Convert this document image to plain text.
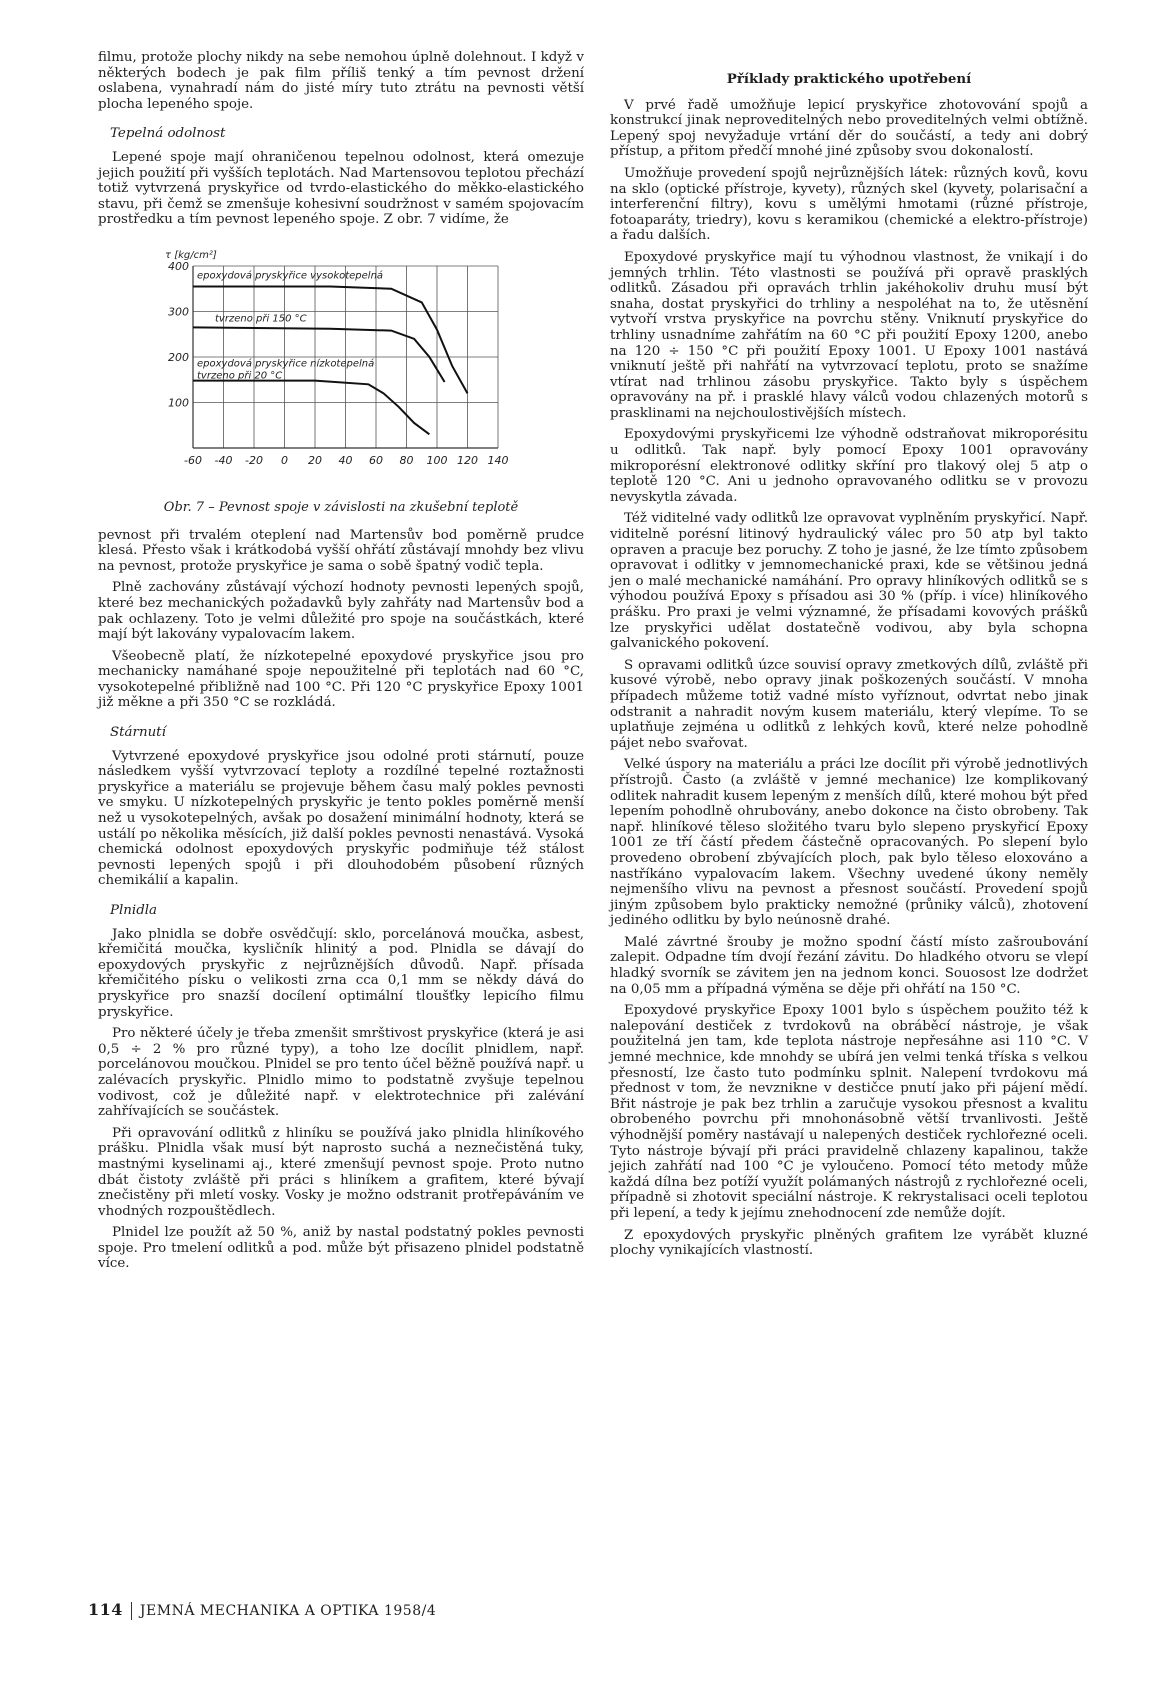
filmu, protože plochy nikdy na sebe nemohou úplně dolehnout. I když v některých bodech je pak film příliš tenký a tím pevnost držení oslabena, vynahradí nám do jisté míry tuto ztrátu na pevnosti větší plocha lepeného spoje.

Tepelná odolnost

Lepené spoje mají ohraničenou tepelnou odolnost, která omezuje jejich použití při vyšších teplotách. Nad Martensovou teplotou přechází totiž vytvrzená pryskyřice od tvrdo-elastického do měkko-elastického stavu, při čemž se zmenšuje kohesivní soudržnost v samém spojovacím prostředku a tím pevnost lepeného spoje. Z obr. 7 vidíme, že

-60 -40 -20 0 20 40 60 80 100 120 140
100
200
300
400
τ [kg/cm²]
epoxydová pryskyřice vysokotepelná
tvrzeno při 150 °C
epoxydová pryskyřice nízkotepelná
tvrzeno při 20 °C
Obr. 7 – Pevnost spoje v závislosti na zkušební teplotě

pevnost při trvalém oteplení nad Martensův bod poměrně prudce klesá. Přesto však i krátkodobá vyšší ohřátí zůstávají mnohdy bez vlivu na pevnost, protože pryskyřice je sama o sobě špatný vodič tepla.

Plně zachovány zůstávají výchozí hodnoty pevnosti lepených spojů, které bez mechanických požadavků byly zahřáty nad Martensův bod a pak ochlazeny. Toto je velmi důležité pro spoje na součástkách, které mají být lakovány vypalovacím lakem.

Všeobecně platí, že nízkotepelné epoxydové pryskyřice jsou pro mechanicky namáhané spoje nepoužitelné při teplotách nad 60 °C, vysokotepelné přibližně nad 100 °C. Při 120 °C pryskyřice Epoxy 1001 již měkne a při 350 °C se rozkládá.

Stárnutí

Vytvrzené epoxydové pryskyřice jsou odolné proti stárnutí, pouze následkem vyšší vytvrzovací teploty a rozdílné tepelné roztažnosti pryskyřice a materiálu se projevuje během času malý pokles pevnosti ve smyku. U nízkotepelných pryskyřic je tento pokles poměrně menší než u vysokotepelných, avšak po dosažení minimální hodnoty, která se ustálí po několika měsících, již další pokles pevnosti nenastává. Vysoká chemická odolnost epoxydových pryskyřic podmiňuje též stálost pevnosti lepených spojů i při dlouhodobém působení různých chemikálií a kapalin.

Plnidla

Jako plnidla se dobře osvědčují: sklo, porcelánová moučka, asbest, křemičitá moučka, kysličník hlinitý a pod. Plnidla se dávají do epoxydových pryskyřic z nejrůznějších důvodů. Např. přísada křemičitého písku o velikosti zrna cca 0,1 mm se někdy dává do pryskyřice pro snazší docílení optimální tloušťky lepicího filmu pryskyřice.

Pro některé účely je třeba zmenšit smrštivost pryskyřice (která je asi 0,5 ÷ 2 % pro různé typy), a toho lze docílit plnidlem, např. porcelánovou moučkou. Plnidel se pro tento účel běžně používá např. u zalévacích pryskyřic. Plnidlo mimo to podstatně zvyšuje tepelnou vodivost, což je důležité např. v elektrotechnice při zalévání zahřívajících se součástek.

Při opravování odlitků z hliníku se používá jako plnidla hliníkového prášku. Plnidla však musí být naprosto suchá a neznečistěná tuky, mastnými kyselinami aj., které zmenšují pevnost spoje. Proto nutno dbát čistoty zvláště při práci s hliníkem a grafitem, které bývají znečistěny při mletí vosky. Vosky je možno odstranit protřepáváním ve vhodných rozpouštědlech.

Plnidel lze použít až 50 %, aniž by nastal podstatný pokles pevnosti spoje. Pro tmelení odlitků a pod. může být přisazeno plnidel podstatně více.

Příklady praktického upotřebení

V prvé řadě umožňuje lepicí pryskyřice zhotovování spojů a konstrukcí jinak neproveditelných nebo proveditelných velmi obtížně. Lepený spoj nevyžaduje vrtání děr do součástí, a tedy ani dobrý přístup, a přitom předčí mnohé jiné způsoby svou dokonalostí.

Umožňuje provedení spojů nejrůznějších látek: různých kovů, kovu na sklo (optické přístroje, kyvety), různých skel (kyvety, polarisační a interferenční filtry), kovu s umělými hmotami (různé přístroje, fotoaparáty, triedry), kovu s keramikou (chemické a elektro-přístroje) a řadu dalších.

Epoxydové pryskyřice mají tu výhodnou vlastnost, že vnikají i do jemných trhlin. Této vlastnosti se používá při opravě prasklých odlitků. Zásadou při opravách trhlin jakéhokoliv druhu musí být snaha, dostat pryskyřici do trhliny a nespoléhat na to, že utěsnění vytvoří vrstva pryskyřice na povrchu stěny. Vniknutí pryskyřice do trhliny usnadníme zahřátím na 60 °C při použití Epoxy 1200, anebo na 120 ÷ 150 °C při použití Epoxy 1001. U Epoxy 1001 nastává vniknutí ještě při nahřátí na vytvrzovací teplotu, proto se snažíme vtírat nad trhlinou zásobu pryskyřice. Takto byly s úspěchem opravovány na př. i prasklé hlavy válců vodou chlazených motorů s prasklinami na nejchoulostivějších místech.

Epoxydovými pryskyřicemi lze výhodně odstraňovat mikroporésitu u odlitků. Tak např. byly pomocí Epoxy 1001 opravovány mikroporésní elektronové odlitky skříní pro tlakový olej 5 atp o teplotě 120 °C. Ani u jednoho opravovaného odlitku se v provozu nevyskytla závada.

Též viditelné vady odlitků lze opravovat vyplněním pryskyřicí. Např. viditelně porésní litinový hydraulický válec pro 50 atp byl takto opraven a pracuje bez poruchy. Z toho je jasné, že lze tímto způsobem opravovat i odlitky v jemnomechanické praxi, kde se většinou jedná jen o malé mechanické namáhání. Pro opravy hliníkových odlitků se s výhodou používá Epoxy s přísadou asi 30 % (příp. i více) hliníkového prášku. Pro praxi je velmi významné, že přísadami kovových prášků lze pryskyřici udělat dostatečně vodivou, aby byla schopna galvanického pokovení.

S opravami odlitků úzce souvisí opravy zmetkových dílů, zvláště při kusové výrobě, nebo opravy jinak poškozených součástí. V mnoha případech můžeme totiž vadné místo vyříznout, odvrtat nebo jinak odstranit a nahradit novým kusem materiálu, který vlepíme. To se uplatňuje zejména u odlitků z lehkých kovů, které nelze pohodlně pájet nebo svařovat.

Velké úspory na materiálu a práci lze docílit při výrobě jednotlivých přístrojů. Často (a zvláště v jemné mechanice) lze komplikovaný odlitek nahradit kusem lepeným z menších dílů, které mohou být před lepením pohodlně ohrubovány, anebo dokonce na čisto obrobeny. Tak např. hliníkové těleso složitého tvaru bylo slepeno pryskyřicí Epoxy 1001 ze tří částí předem částečně opracovaných. Po slepení bylo provedeno obrobení zbývajících ploch, pak bylo těleso eloxováno a nastříkáno vypalovacím lakem. Všechny uvedené úkony neměly nejmenšího vlivu na pevnost a přesnost součástí. Provedení spojů jiným způsobem bylo prakticky nemožné (průniky válců), zhotovení jediného odlitku by bylo neúnosně drahé.

Malé závrtné šrouby je možno spodní částí místo zašroubování zalepit. Odpadne tím dvojí řezání závitu. Do hladkého otvoru se vlepí hladký svorník se závitem jen na jednom konci. Souosost lze dodržet na 0,05 mm a případná výměna se děje při ohřátí na 150 °C.

Epoxydové pryskyřice Epoxy 1001 bylo s úspěchem použito též k nalepování destiček z tvrdokovů na obráběcí nástroje, je však použitelná jen tam, kde teplota nástroje nepřesáhne asi 110 °C. V jemné mechnice, kde mnohdy se ubírá jen velmi tenká tříska s velkou přesností, lze často tuto podmínku splnit. Nalepení tvrdokovu má přednost v tom, že nevznikne v destičce pnutí jako při pájení mědí. Břit nástroje je pak bez trhlin a zaručuje vysokou přesnost a kvalitu obrobeného povrchu při mnohonásobně větší trvanlivosti. Ještě výhodnější poměry nastávají u nalepených destiček rychlořezné oceli. Tyto nástroje bývají při práci pravidelně chlazeny kapalinou, takže jejich zahřátí nad 100 °C je vyloučeno. Pomocí této metody může každá dílna bez potíží využít polámaných nástrojů z rychlořezné oceli, případně si zhotovit speciální nástroje. K rekrystalisaci oceli teplotou při lepení, a tedy k jejímu znehodnocení zde nemůže dojít.

Z epoxydových pryskyřic plněných grafitem lze vyrábět kluzné plochy vynikajících vlastností.

114 JEMNÁ MECHANIKA A OPTIKA 1958/4
